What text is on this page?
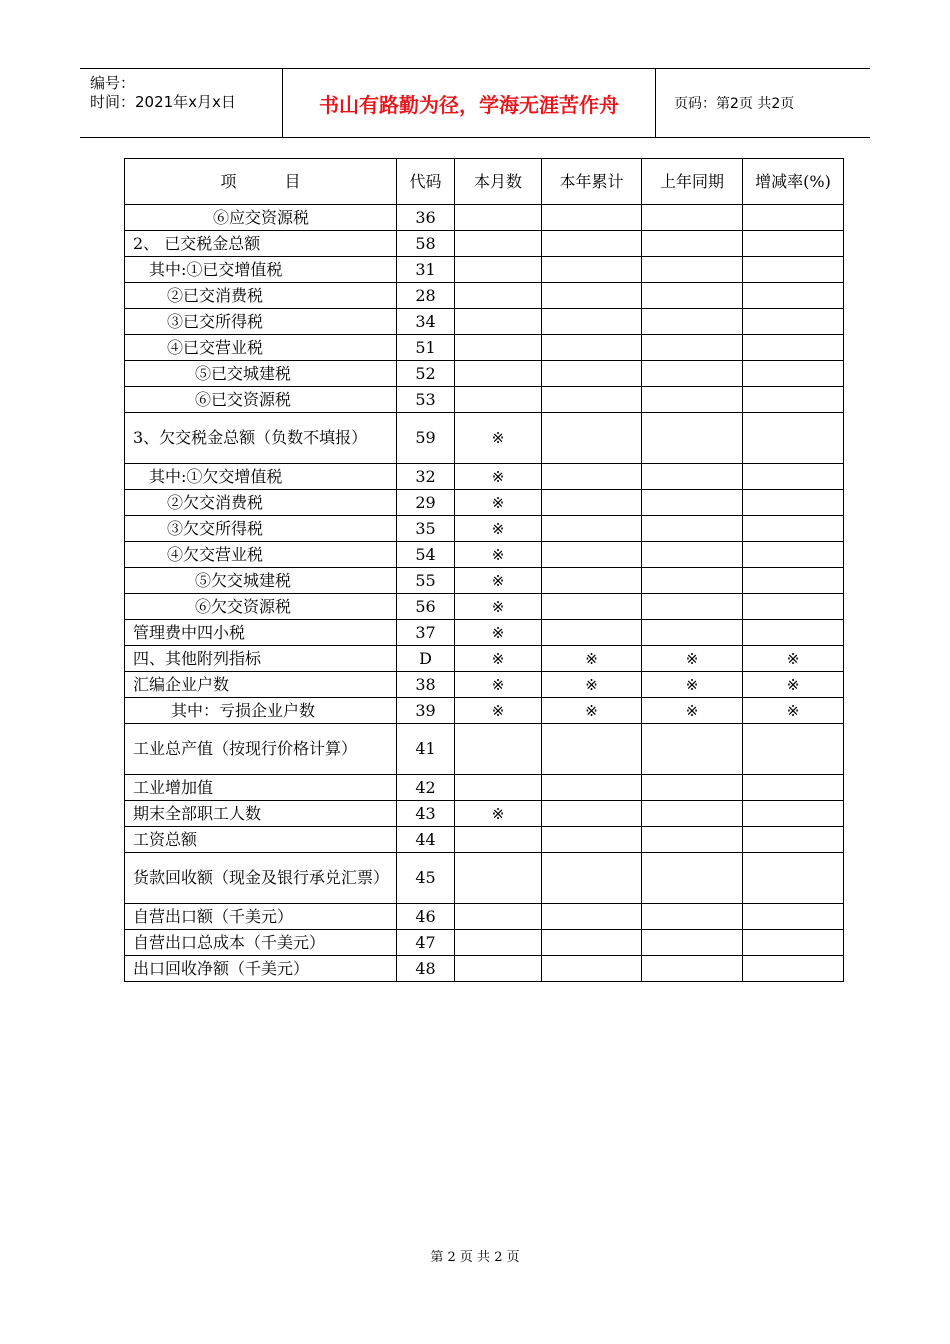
编号：
时间：2021年x月x日	书山有路勤为径，学海无涯苦作舟	页码：第2页 共2页
项　　　目	代码	本月数	本年累计	上年同期	增减率(%)
⑥应交资源税	36				
2、 已交税金总额	58				
其中:①已交增值税	31				
②已交消费税	28				
③已交所得税	34				
④已交营业税	51				
⑤已交城建税	52				
⑥已交资源税	53				
3、欠交税金总额（负数不填报）	59	※			
其中:①欠交增值税	32	※			
②欠交消费税	29	※			
③欠交所得税	35	※			
④欠交营业税	54	※			
⑤欠交城建税	55	※			
⑥欠交资源税	56	※			
管理费中四小税	37	※			
四、其他附列指标	D	※	※	※	※
汇编企业户数	38	※	※	※	※
其中：亏损企业户数	39	※	※	※	※
工业总产值（按现行价格计算）	41				
工业增加值	42				
期末全部职工人数	43	※			
工资总额	44				
货款回收额（现金及银行承兑汇票）	45				
自营出口额（千美元）	46				
自营出口总成本（千美元）	47				
出口回收净额（千美元）	48				
第 2 页 共 2 页
